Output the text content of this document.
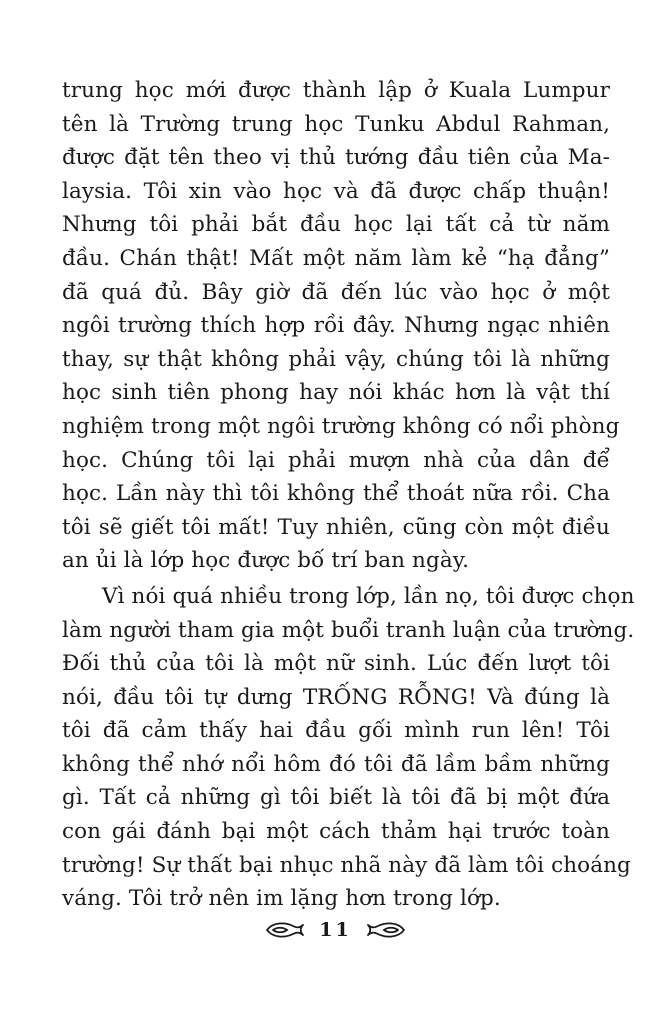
trung học mới được thành lập ở Kuala Lumpur
tên là Trường trung học Tunku Abdul Rahman,
được đặt tên theo vị thủ tướng đầu tiên của Ma-
laysia. Tôi xin vào học và đã được chấp thuận!
Nhưng tôi phải bắt đầu học lại tất cả từ năm
đầu. Chán thật! Mất một năm làm kẻ “hạ đẳng”
đã quá đủ. Bây giờ đã đến lúc vào học ở một
ngôi trường thích hợp rồi đây. Nhưng ngạc nhiên
thay, sự thật không phải vậy, chúng tôi là những
học sinh tiên phong hay nói khác hơn là vật thí
nghiệm trong một ngôi trường không có nổi phòng
học. Chúng tôi lại phải mượn nhà của dân để
học. Lần này thì tôi không thể thoát nữa rồi. Cha
tôi sẽ giết tôi mất! Tuy nhiên, cũng còn một điều
an ủi là lớp học được bố trí ban ngày.
Vì nói quá nhiều trong lớp, lần nọ, tôi được chọn
làm người tham gia một buổi tranh luận của trường.
Đối thủ của tôi là một nữ sinh. Lúc đến lượt tôi
nói, đầu tôi tự dưng TRỐNG RỖNG! Và đúng là
tôi đã cảm thấy hai đầu gối mình run lên! Tôi
không thể nhớ nổi hôm đó tôi đã lầm bầm những
gì. Tất cả những gì tôi biết là tôi đã bị một đứa
con gái đánh bại một cách thảm hại trước toàn
trường! Sự thất bại nhục nhã này đã làm tôi choáng
váng. Tôi trở nên im lặng hơn trong lớp.
11
